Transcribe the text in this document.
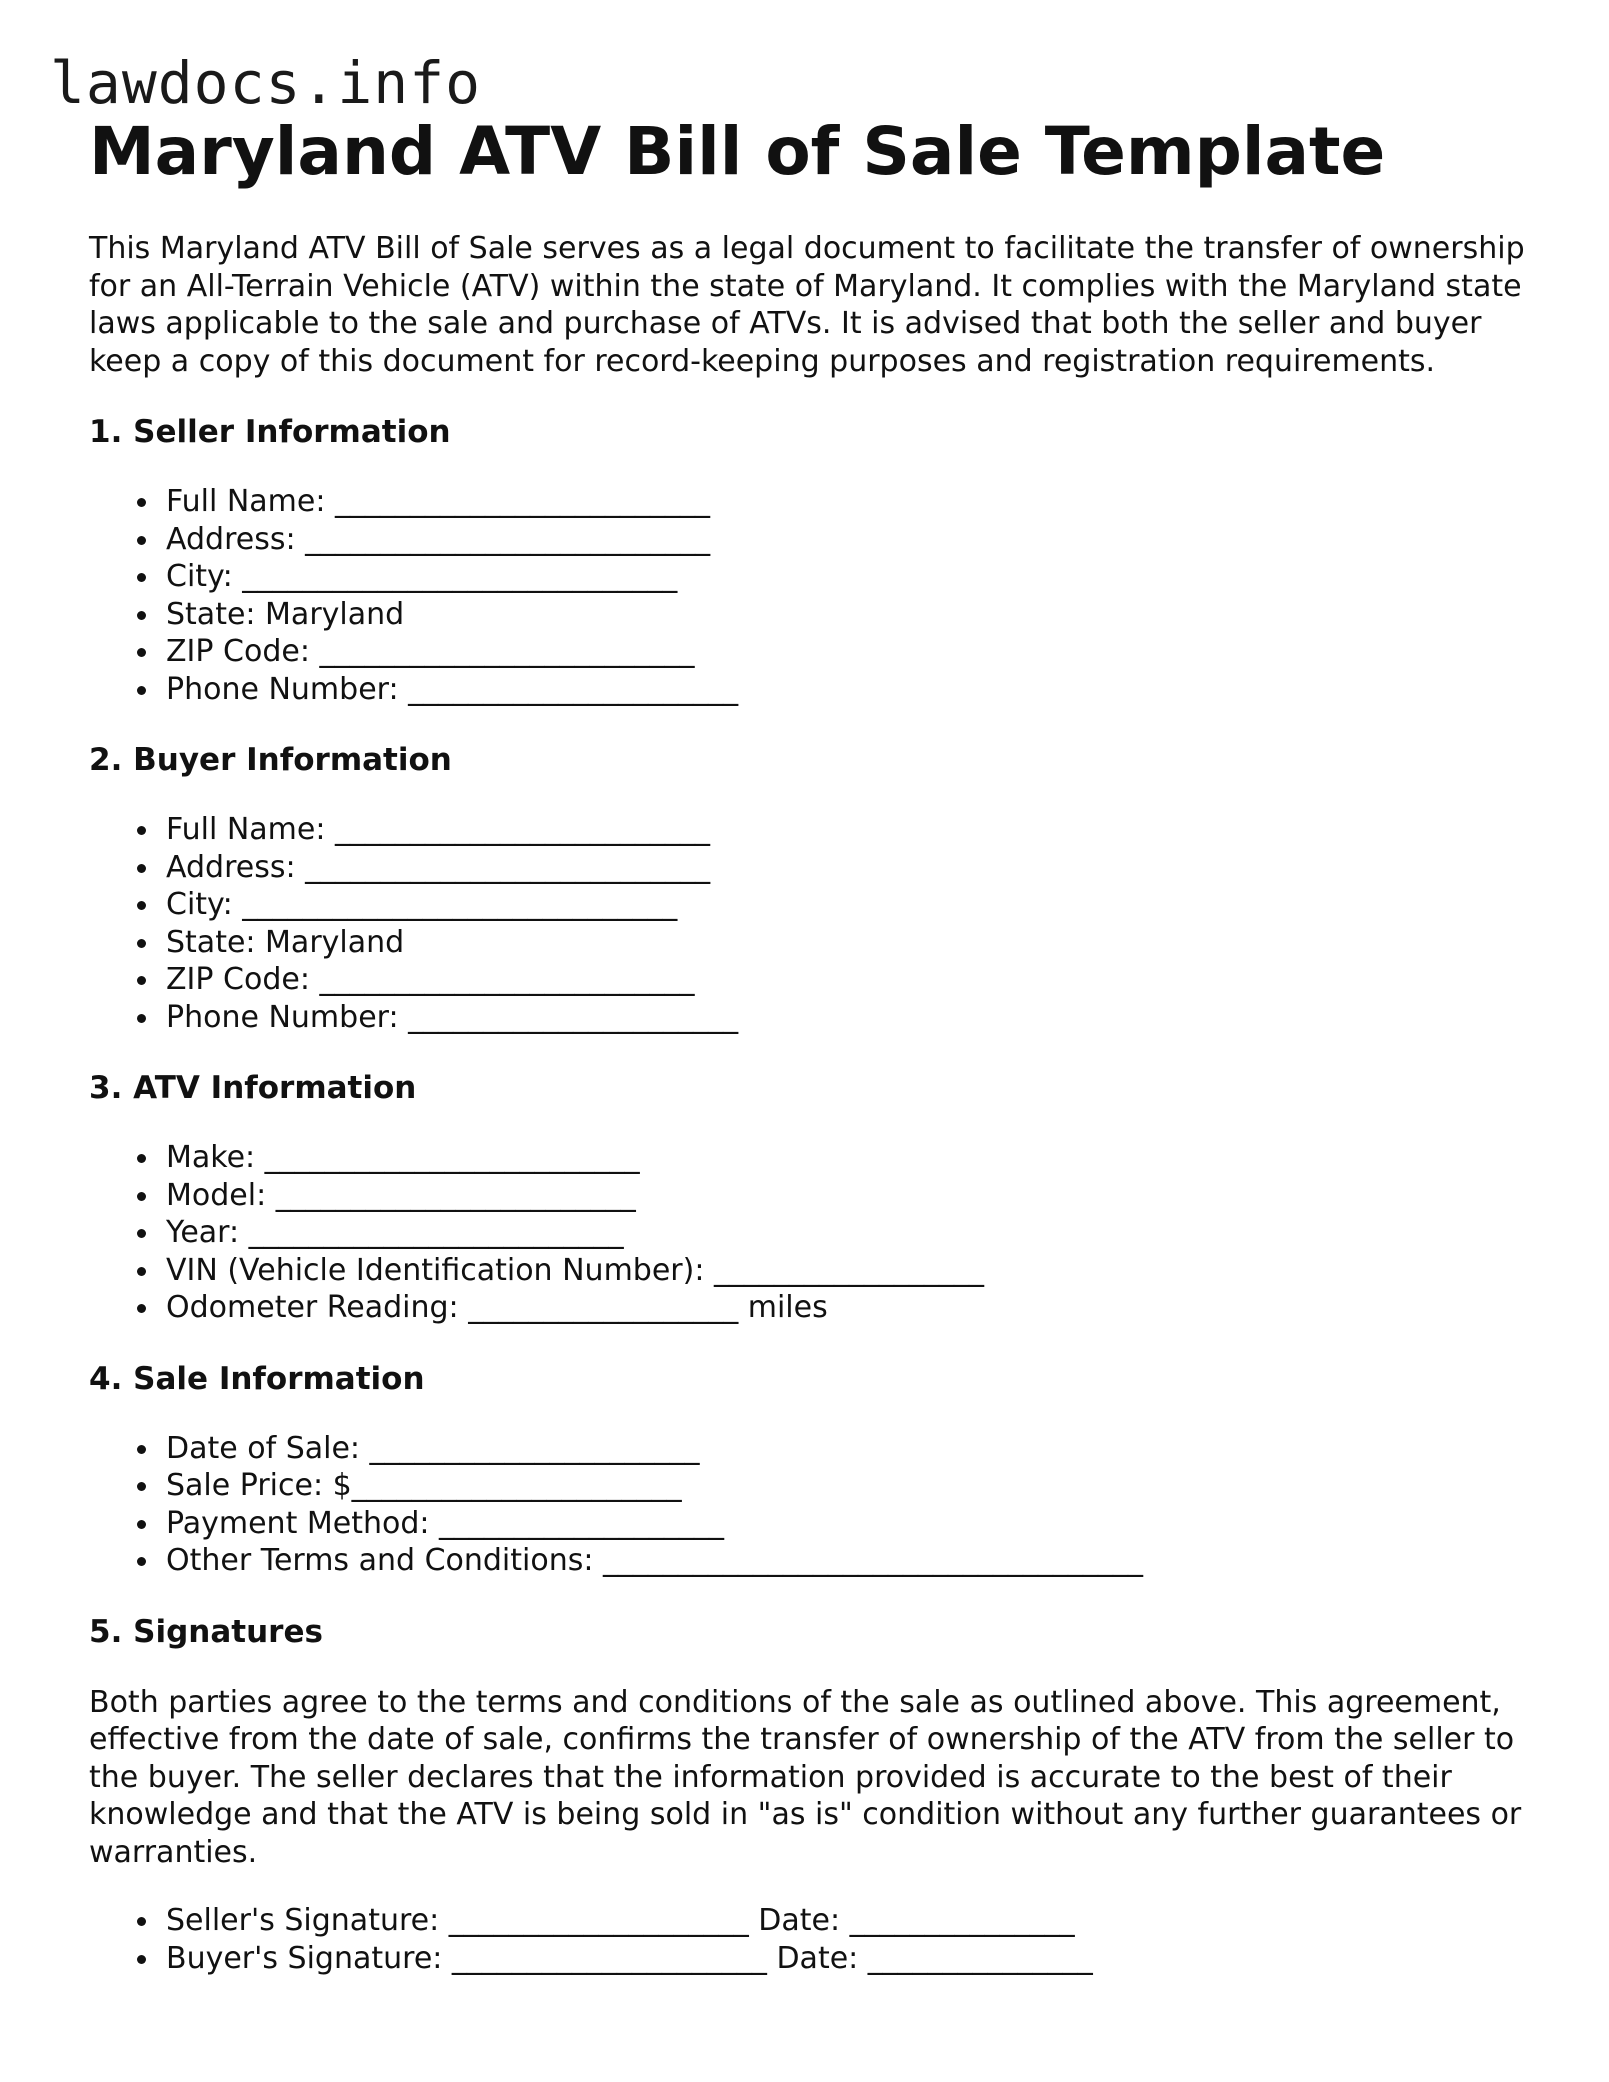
lawdocs.info
Maryland ATV Bill of Sale Template

This Maryland ATV Bill of Sale serves as a legal document to facilitate the transfer of ownership for an All-Terrain Vehicle (ATV) within the state of Maryland. It complies with the Maryland state laws applicable to the sale and purchase of ATVs. It is advised that both the seller and buyer keep a copy of this document for record-keeping purposes and registration requirements.

1. Seller Information
Full Name: _________________________
Address: ___________________________
City: _____________________________
State: Maryland
ZIP Code: _________________________
Phone Number: ______________________
2. Buyer Information
Full Name: _________________________
Address: ___________________________
City: _____________________________
State: Maryland
ZIP Code: _________________________
Phone Number: ______________________
3. ATV Information
Make: _________________________
Model: ________________________
Year: _________________________
VIN (Vehicle Identification Number): __________________
Odometer Reading: __________________ miles
4. Sale Information
Date of Sale: ______________________
Sale Price: $______________________
Payment Method: ___________________
Other Terms and Conditions: ____________________________________
5. Signatures

Both parties agree to the terms and conditions of the sale as outlined above. This agreement, effective from the date of sale, confirms the transfer of ownership of the ATV from the seller to the buyer. The seller declares that the information provided is accurate to the best of their knowledge and that the ATV is being sold in "as is" condition without any further guarantees or warranties.

Seller's Signature: ____________________ Date: _______________
Buyer's Signature: _____________________ Date: _______________
